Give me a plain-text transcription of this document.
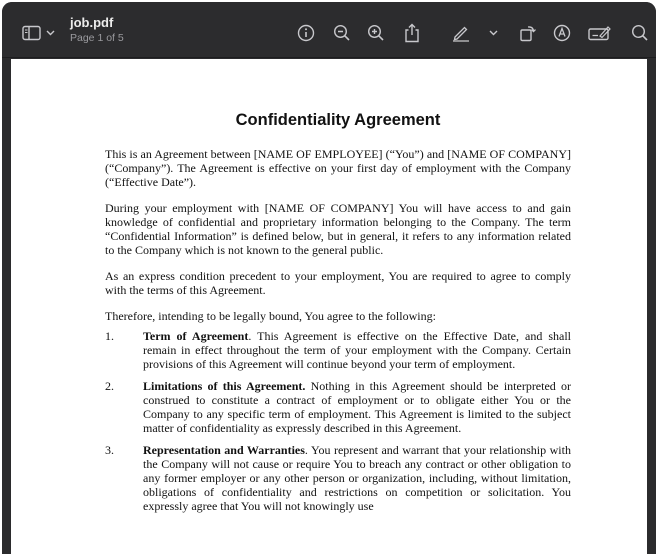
job.pdf
Page 1 of 5
Confidentiality Agreement

This is an Agreement between [NAME OF EMPLOYEE] (“You”) and [NAME OF COMPANY] (“Company”). The Agreement is effective on your first day of employment with the Company (“Effective Date”).

During your employment with [NAME OF COMPANY] You will have access to and gain knowledge of confidential and proprietary information belonging to the Company. The term “Confidential Information” is defined below, but in general, it refers to any information related to the Company which is not known to the general public.

As an express condition precedent to your employment, You are required to agree to comply with the terms of this Agreement.

Therefore, intending to be legally bound, You agree to the following:

1.	Term of Agreement. This Agreement is effective on the Effective Date, and shall remain in effect throughout the term of your employment with the Company. Certain provisions of this Agreement will continue beyond your term of employment.
2.	Limitations of this Agreement. Nothing in this Agreement should be interpreted or construed to constitute a contract of employment or to obligate either You or the Company to any specific term of employment. This Agreement is limited to the subject matter of confidentiality as expressly described in this Agreement.
3.	Representation and Warranties. You represent and warrant that your relationship with the Company will not cause or require You to breach any contract or other obligation to any former employer or any other person or organization, including, without limitation, obligations of confidentiality and restrictions on competition or solicitation. You expressly agree that You will not knowingly use
